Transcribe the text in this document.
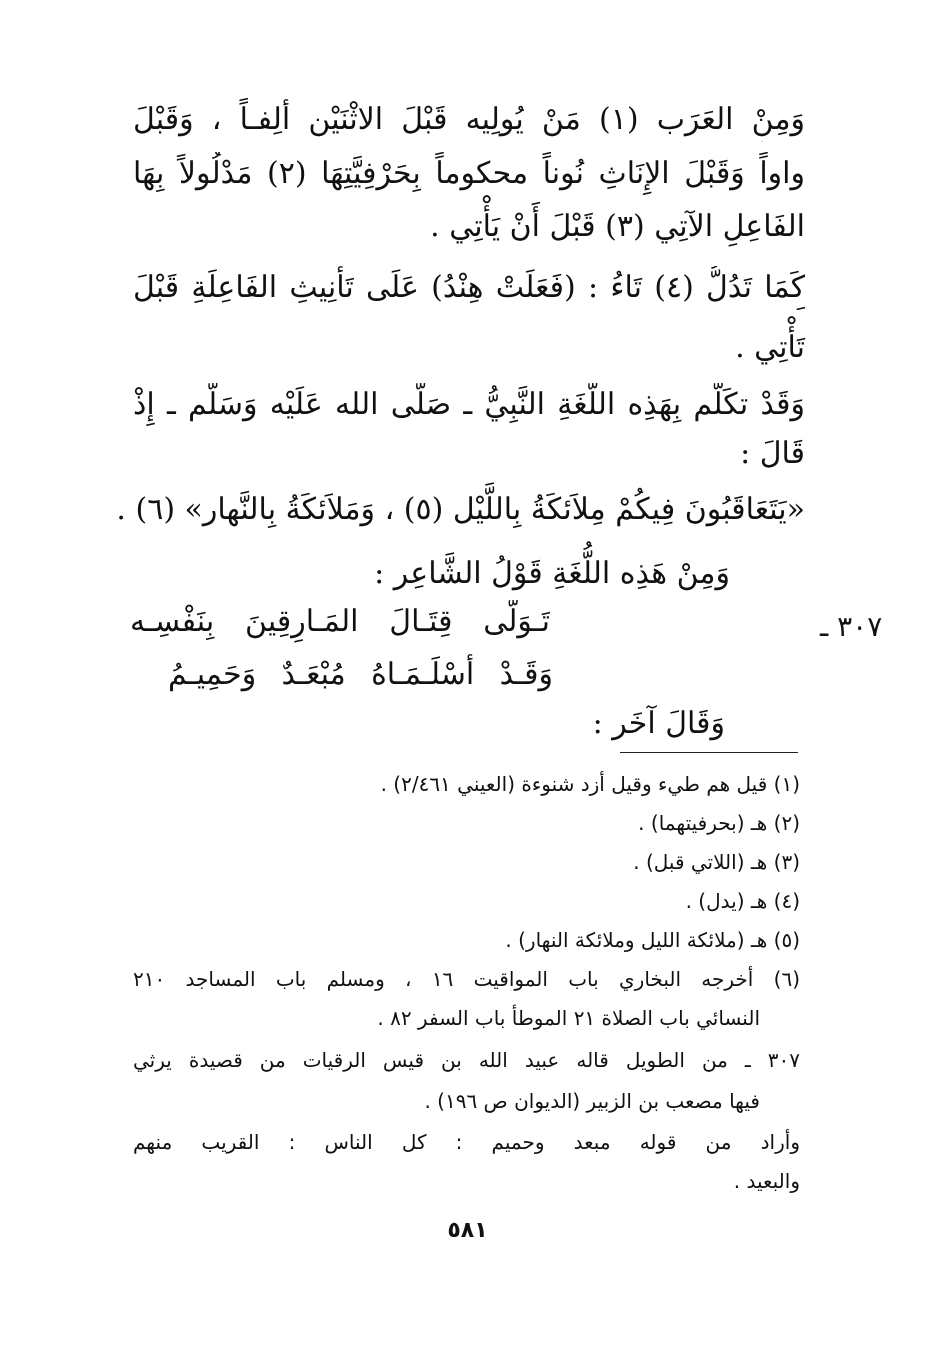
وَمِنْ العَرَب (١) مَنْ يُولِيه قَبْلَ الاثْنَيْن أَلِفـاً ، وَقَبْلَ
واواً وَقَبْلَ الإِنَاثِ نُوناً محكوماً بِحَرْفِيَّتِهَا (٢) مَدْلُولاً بِهَا
الفَاعِلِ الآتِي (٣) قَبْلَ أَنْ يَأْتِي .
كَمَا تَدُلُّ (٤) تَاءُ : (فَعَلَتْ هِنْدُ) عَلَى تَأْنِيثِ الفَاعِلَةِ قَبْلَ
تَأْتِي .
وَقَدْ تكَلَّم بِهَذِه اللُّغَةِ النَّبِيُّ ـ صَلَّى الله عَلَيْه وَسَلَّم ـ إِذْ
قَالَ :
«يَتَعَاقَبُونَ فِيكُمْ مِلاَئكَةُ بِاللَّيْل (٥) ، وَمَلاَئكَةُ بِالنَّهار» (٦) .
وَمِنْ هَذِه اللُّغَةِ قَوْلُ الشَّاعِر :
٣٠٧ ـ
تَـوَلَّى قِتَـالَ المَـارِقِينَ بِنَفْسِـه
وَقَـدْ أَسْلَـمَـاهُ مُبْعَـدٌ وَحَمِيـمُ
وَقَالَ آخَر :
(١) قيل هم طيء وقيل أزد شنوءة (العيني ٢/٤٦١) .
(٢) هـ (بحرفيتهما) .
(٣) هـ (اللاتي قبل) .
(٤) هـ (يدل) .
(٥) هـ (ملائكة الليل وملائكة النهار) .
(٦) أخرجه البخاري باب المواقيت ١٦ ، ومسلم باب المساجد ٢١٠
النسائي باب الصلاة ٢١ الموطأ باب السفر ٨٢ .
٣٠٧ ـ من الطويل قاله عبيد الله بن قيس الرقيات من قصيدة يرثي
فيها مصعب بن الزبير (الديوان ص ١٩٦) .
وأراد من قوله مبعد وحميم : كل الناس : القريب منهم
والبعيد .
٥٨١
